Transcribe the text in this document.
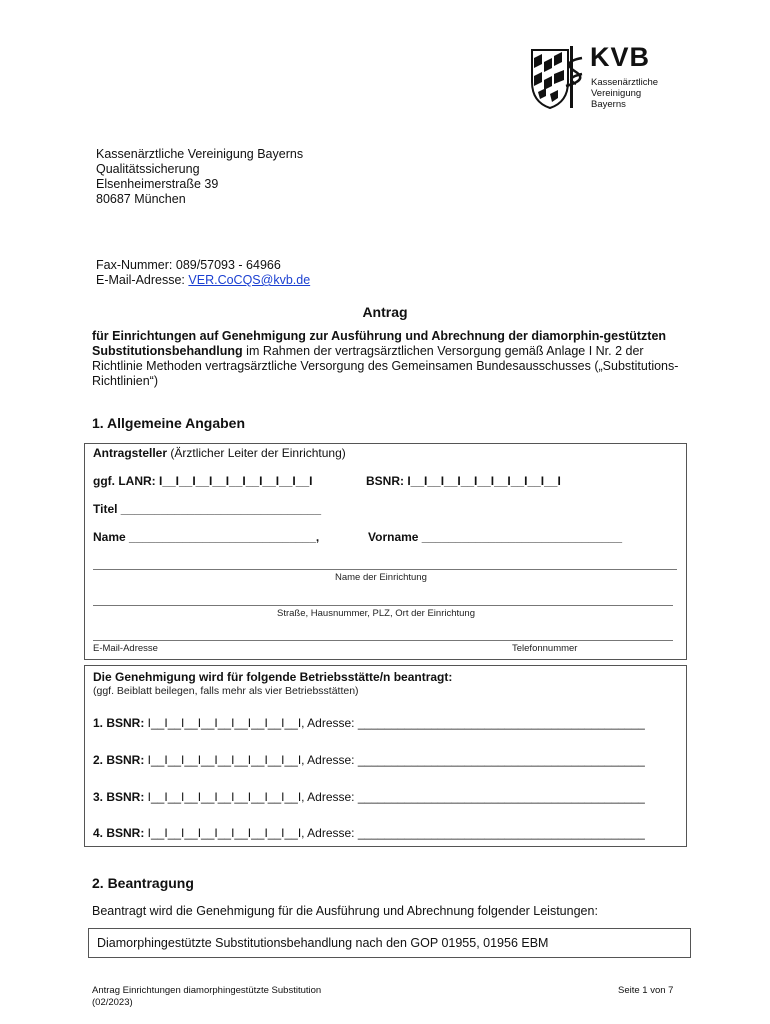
KVB
Kassenärztliche
Vereinigung
Bayerns
Kassenärztliche Vereinigung Bayerns
Qualitätssicherung
Elsenheimerstraße 39
80687 München
Fax-Nummer: 089/57093 - 64966
E-Mail-Adresse: VER.CoCQS@kvb.de
Antrag
für Einrichtungen auf Genehmigung zur Ausführung und Abrechnung der diamorphin-gestützten Substitutionsbehandlung im Rahmen der vertragsärztlichen Versorgung gemäß Anlage I Nr. 2 der Richtlinie Methoden vertragsärztliche Versorgung des Gemeinsamen Bundesausschusses („Substitutions-Richtlinien“)
1. Allgemeine Angaben
Antragsteller (Ärztlicher Leiter der Einrichtung)
ggf. LANR: I__I__I__I__I__I__I__I__I__I	BSNR: I__I__I__I__I__I__I__I__I__I
Titel ______________________________
Name ____________________________,	Vorname ______________________________
Name der Einrichtung
Straße, Hausnummer, PLZ, Ort der Einrichtung
E-Mail-Adresse	Telefonnummer
Die Genehmigung wird für folgende Betriebsstätte/n beantragt:
(ggf. Beiblatt beilegen, falls mehr als vier Betriebsstätten)
1. BSNR: I__I__I__I__I__I__I__I__I__I, Adresse: ___________________________________________
2. BSNR: I__I__I__I__I__I__I__I__I__I, Adresse: ___________________________________________
3. BSNR: I__I__I__I__I__I__I__I__I__I, Adresse: ___________________________________________
4. BSNR: I__I__I__I__I__I__I__I__I__I, Adresse: ___________________________________________
2. Beantragung
Beantragt wird die Genehmigung für die Ausführung und Abrechnung folgender Leistungen:
Diamorphingestützte Substitutionsbehandlung nach den GOP 01955, 01956 EBM
Antrag Einrichtungen diamorphingestützte Substitution
(02/2023)
Seite 1 von 7
